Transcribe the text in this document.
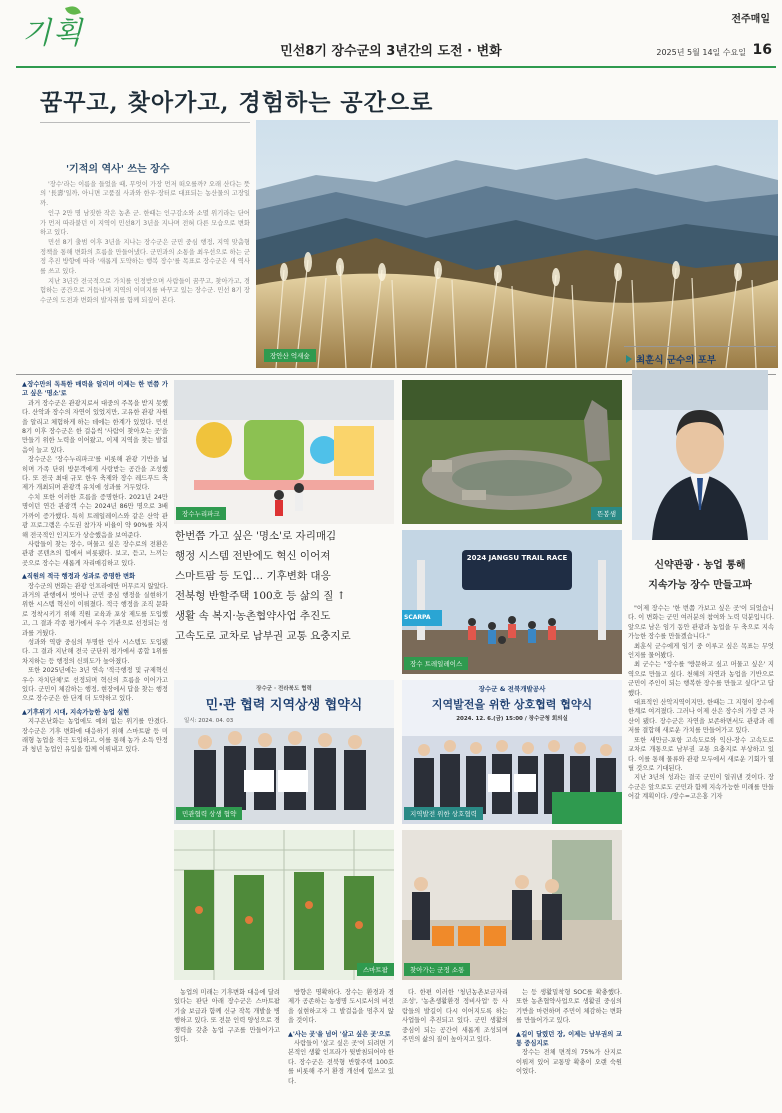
기획	전주매일
민선8기 장수군의 3년간의 도전 · 변화	2025년 5월 14일 수요일 16
꿈꾸고, 찾아가고, 경험하는 공간으로
'기적의 역사' 쓰는 장수

'장수'라는 이름을 들었을 때, 무엇이 가장 먼저 떠오를까? 오래 산다는 뜻의 '長壽'일까, 아니면 고품질 사과와 한우·장터로 대표되는 농산물의 고장일까.

인구 2만 명 남짓한 작은 농촌 군. 한때는 인구감소와 소멸 위기라는 단어가 먼저 따라붙던 이 지역이 민선8기 3년을 지나며 전혀 다른 모습으로 변화하고 있다.

민선 8기 출범 이후 3년을 지나는 장수군은 군민 중심 행정, 지역 맞춤형 정책을 통해 변화의 흐름을 만들어냈다. 군민과의 소통을 최우선으로 하는 군정 추진 방향에 따라 '새롭게 도약하는 행복 장수'를 목표로 장수군은 새 역사를 쓰고 있다.

지난 3년간 전국적으로 가치를 인정받으며 사람들이 꿈꾸고, 찾아가고, 경험하는 공간으로 거듭나며 지역의 이미지를 바꾸고 있는 장수군. 민선 8기 장수군의 도전과 변화의 발자취를 함께 되짚어 본다.

장안산 억새숲

▲장수만의 독특한 매력을 알리며 이제는 한 번쯤 가고 싶은 '명소'로

과거 장수군은 관광지로서 대중의 주목을 받지 못했다. 산악과 장수의 자연이 있었지만, 고유한 관광 자원을 알리고 체험하게 하는 데에는 한계가 있었다. 민선8기 이후 장수군은 한 걸음씩 '사람이 찾아오는 곳'을 만들기 위한 노력을 이어왔고, 이제 지역을 찾는 발걸음이 늘고 있다.

장수군은 '장수누리파크'를 비롯해 관광 기반을 넓히며 가족 단위 방문객에게 사랑받는 공간을 조성했다. 또 전국 최대 규모 한우 축제와 장수 레드푸드 축제가 개최되며 관광객 유치에 성과를 거두었다.

수치 또한 이러한 흐름을 증명한다. 2021년 24만 명이던 연간 관광객 수는 2024년 86만 명으로 3배 가까이 증가했다. 특히 트레일레이스와 같은 산악 관광 프로그램은 수도권 참가자 비율이 약 90%를 차지해 전국적인 인지도가 상승했음을 보여준다.

사람들이 찾는 장수, 머물고 싶은 장수로의 전환은 관광 콘텐츠의 힘에서 비롯됐다. 보고, 듣고, 느끼는 곳으로 장수는 새롭게 자리매김하고 있다.

▲직원의 적극 행정과 성과로 증명한 변화

장수군의 변화는 관광 인프라에만 머무르지 않았다. 과거의 관행에서 벗어나 군민 중심 행정을 실현하기 위한 시스템 혁신이 이뤄졌다. 적극 행정을 조직 문화로 정착시키기 위해 직원 교육과 포상 제도를 도입했고, 그 결과 각종 평가에서 우수 기관으로 선정되는 성과를 거뒀다.

성과와 역량 중심의 투명한 인사 시스템도 도입됐다. 그 결과 지난해 전국 군단위 평가에서 종합 1위를 차지하는 등 행정의 신뢰도가 높아졌다.

또한 2025년에는 3년 연속 '적극행정 및 규제혁신 우수 자치단체'로 선정되며 혁신의 흐름을 이어가고 있다. 군민이 체감하는 행정, 현장에서 답을 찾는 행정으로 장수군은 한 단계 더 도약하고 있다.

▲기후위기 시대, 지속가능한 농업 실현

지구온난화는 농업에도 예외 없는 위기를 안겼다. 장수군은 기후 변화에 대응하기 위해 스마트팜 등 미래형 농업을 적극 도입하고, 이를 통해 농가 소득 안정과 청년 농업인 유입을 함께 이뤄내고 있다.

장수누리파크	뜬봉샘
한번쯤 가고 싶은 '명소'로 자리매김
행정 시스템 전반에도 혁신 이어져
스마트팜 등 도입… 기후변화 대응
전북형 반할주택 100호 등 삶의 질 ↑
생활 속 복지·농촌협약사업 추진도
고속도로 교차로 남부권 교통 요충지로
2024 JANGSU TRAIL RACE
SCARPA
장수 트레일레이스
장수군 · 전라북도 협력
민·관 협력 지역상생 협약식
일시: 2024. 04. 03
민관협력 상생 협약
장수군 & 전북개발공사
지역발전을 위한 상호협력 협약식
2024. 12. 6.(금) 15:00 / 장수군청 회의실
지역발전 위한 상호협력
스마트팜	찾아가는 군정 소통
최훈식 군수의 포부
신약관광 · 농업 통해
지속가능 장수 만들고파

"이제 장수는 '한 번쯤 가보고 싶은 곳'이 되었습니다. 이 변화는 군민 여러분의 참여와 노력 덕분입니다. 앞으로 남은 임기 동안 관광과 농업을 두 축으로 지속가능한 장수를 만들겠습니다."

최훈식 군수에게 임기 중 이루고 싶은 목표는 무엇인지를 물어봤다.

최 군수는 "장수를 '방문하고 싶고 머물고 싶은' 지역으로 만들고 싶다. 천혜의 자연과 농업을 기반으로 군민이 주인이 되는 행복한 장수를 만들고 싶다"고 답했다.

대표적인 산악지역이지만, 한때는 그 지형이 장수에 한계로 여겨졌다. 그러나 이제 산은 장수의 가장 큰 자산이 됐다. 장수군은 자연을 보존하면서도 관광과 레저를 결합해 새로운 가치를 만들어가고 있다.

또한 새만금-포항 고속도로와 익산-장수 고속도로 교차로 개통으로 남부권 교통 요충지로 부상하고 있다. 이를 통해 물류와 관광 모두에서 새로운 기회가 열릴 것으로 기대된다.

지난 3년의 성과는 결국 군민이 일궈낸 것이다. 장수군은 앞으로도 군민과 함께 지속가능한 미래를 만들어갈 계획이다. /장수=고은홍 기자

농업의 미래는 기후변화 대응에 달려있다는 판단 아래 장수군은 스마트팜 기술 보급과 함께 신규 작목 개발을 병행하고 있다. 또 전문 인력 양성으로 경쟁력을 갖춘 농업 구조를 만들어가고 있다.

방향은 명확하다. 장수는 환경과 경제가 공존하는 농생명 도시로서의 비전을 실현하고자 그 발걸음을 멈추지 않을 것이다.

▲'사는 곳'을 넘어 '살고 싶은 곳'으로

사람들이 '살고 싶은 곳'이 되려면 기본적인 생활 인프라가 뒷받침되어야 한다. 장수군은 전북형 반할주택 100호를 비롯해 주거 환경 개선에 힘쓰고 있다.

다. 한편 이러한 '청년농촌보금자리 조성', '농촌생활환경 정비사업' 등 사람들의 발길이 다시 이어지도록 하는 사업들이 추진되고 있다. 군민 생활의 중심이 되는 공간이 새롭게 조성되며 주민의 삶의 질이 높아지고 있다.

는 등 생활밀착형 SOC를 확충했다. 또한 농촌협약사업으로 생활권 중심의 기반을 마련하며 주민이 체감하는 변화를 만들어가고 있다.

▲길이 달렸던 장, 이제는 남부권의 교통 중심지로

장수는 전체 면적의 75%가 산지로 이뤄져 있어 교통망 확충이 오랜 숙원이었다.
